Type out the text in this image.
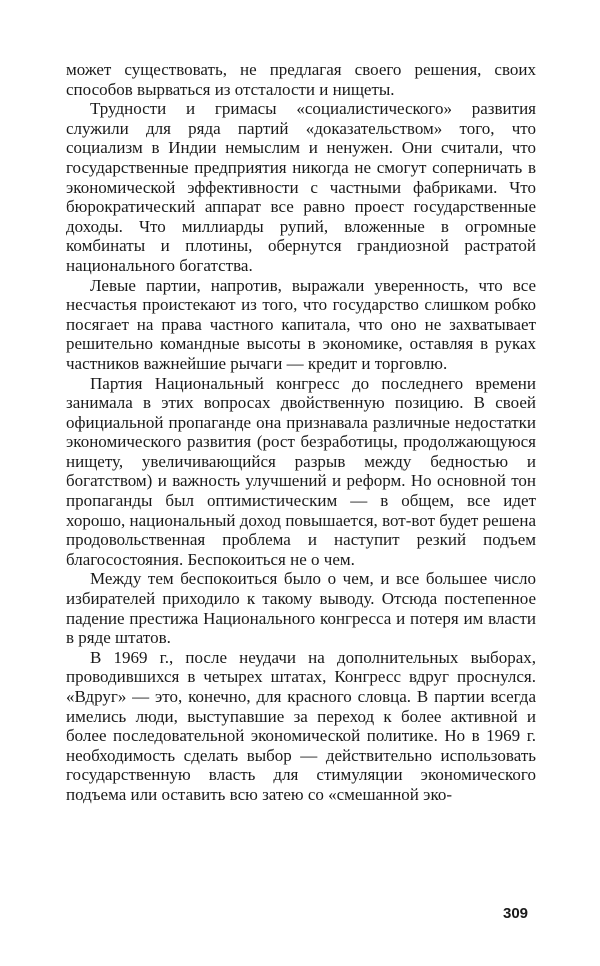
может существовать, не предлагая своего решения, своих способов вырваться из отсталости и нищеты.

Трудности и гримасы «социалистического» развития служили для ряда партий «доказательством» того, что социализм в Индии немыслим и ненужен. Они считали, что государственные предприятия никогда не смогут соперничать в экономической эффективности с частными фабриками. Что бюрократический аппарат все равно проест государственные доходы. Что миллиарды рупий, вложенные в огромные комбинаты и плотины, обернутся грандиозной растратой национального богатства.

Левые партии, напротив, выражали уверенность, что все несчастья проистекают из того, что государство слишком робко посягает на права частного капитала, что оно не захватывает решительно командные высоты в экономике, оставляя в руках частников важнейшие рычаги — кредит и торговлю.

Партия Национальный конгресс до последнего времени занимала в этих вопросах двойственную позицию. В своей официальной пропаганде она признавала различные недостатки экономического развития (рост безработицы, продолжающуюся нищету, увеличивающийся разрыв между бедностью и богатством) и важность улучшений и реформ. Но основной тон пропаганды был оптимистическим — в общем, все идет хорошо, национальный доход повышается, вот-вот будет решена продовольственная проблема и наступит резкий подъем благосостояния. Беспокоиться не о чем.

Между тем беспокоиться было о чем, и все большее число избирателей приходило к такому выводу. Отсюда постепенное падение престижа Национального конгресса и потеря им власти в ряде штатов.

В 1969 г., после неудачи на дополнительных выборах, проводившихся в четырех штатах, Конгресс вдруг проснулся. «Вдруг» — это, конечно, для красного словца. В партии всегда имелись люди, выступавшие за переход к более активной и более последовательной экономической политике. Но в 1969 г. необходимость сделать выбор — действительно использовать государственную власть для стимуляции экономического подъема или оставить всю затею со «смешанной эко-

309
